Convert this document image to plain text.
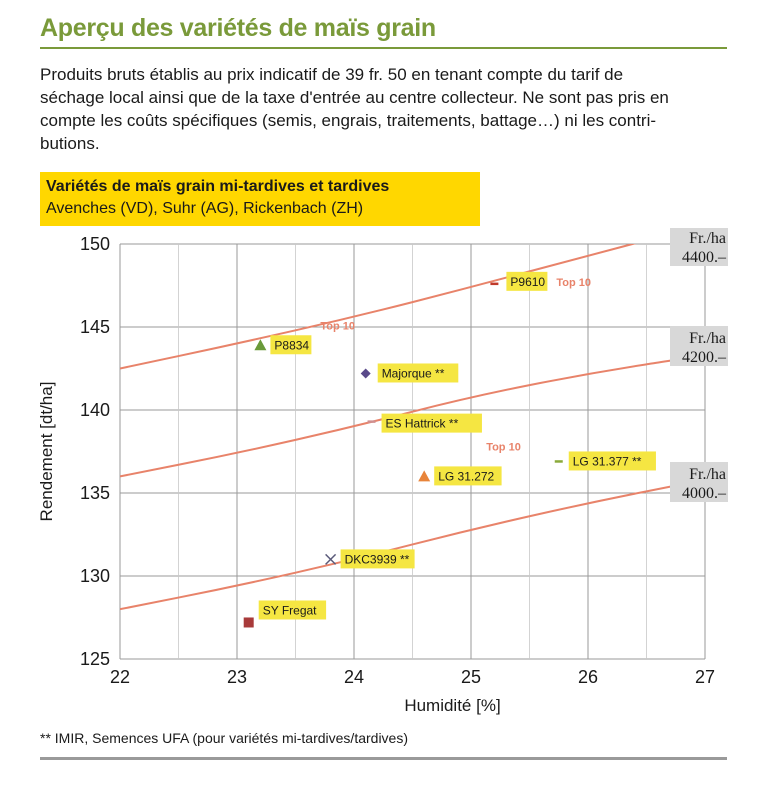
Aperçu des variétés de maïs grain
Produits bruts établis au prix indicatif de 39 fr. 50 en tenant compte du tarif de
séchage local ainsi que de la taxe d'entrée au centre collecteur. Ne sont pas pris en
compte les coûts spécifiques (semis, engrais, traitements, battage…) ni les contri-
butions.
Variétés de maïs grain mi-tardives et tardives
Avenches (VD), Suhr (AG), Rickenbach (ZH)
22	23	24	25	26	27
125
130
135
140
145
150
Humidité [%]
Rendement [dt/ha]
P9610 Top 10
P8834
Top 10
Majorque **
ES Hattrick **
LG 31.377 **
LG 31.272
Top 10
DKC3939 **
SY Fregat
Fr./ha
4400.–
Fr./ha
4200.–
Fr./ha
4000.–
** IMIR, Semences UFA (pour variétés mi-tardives/tardives)
